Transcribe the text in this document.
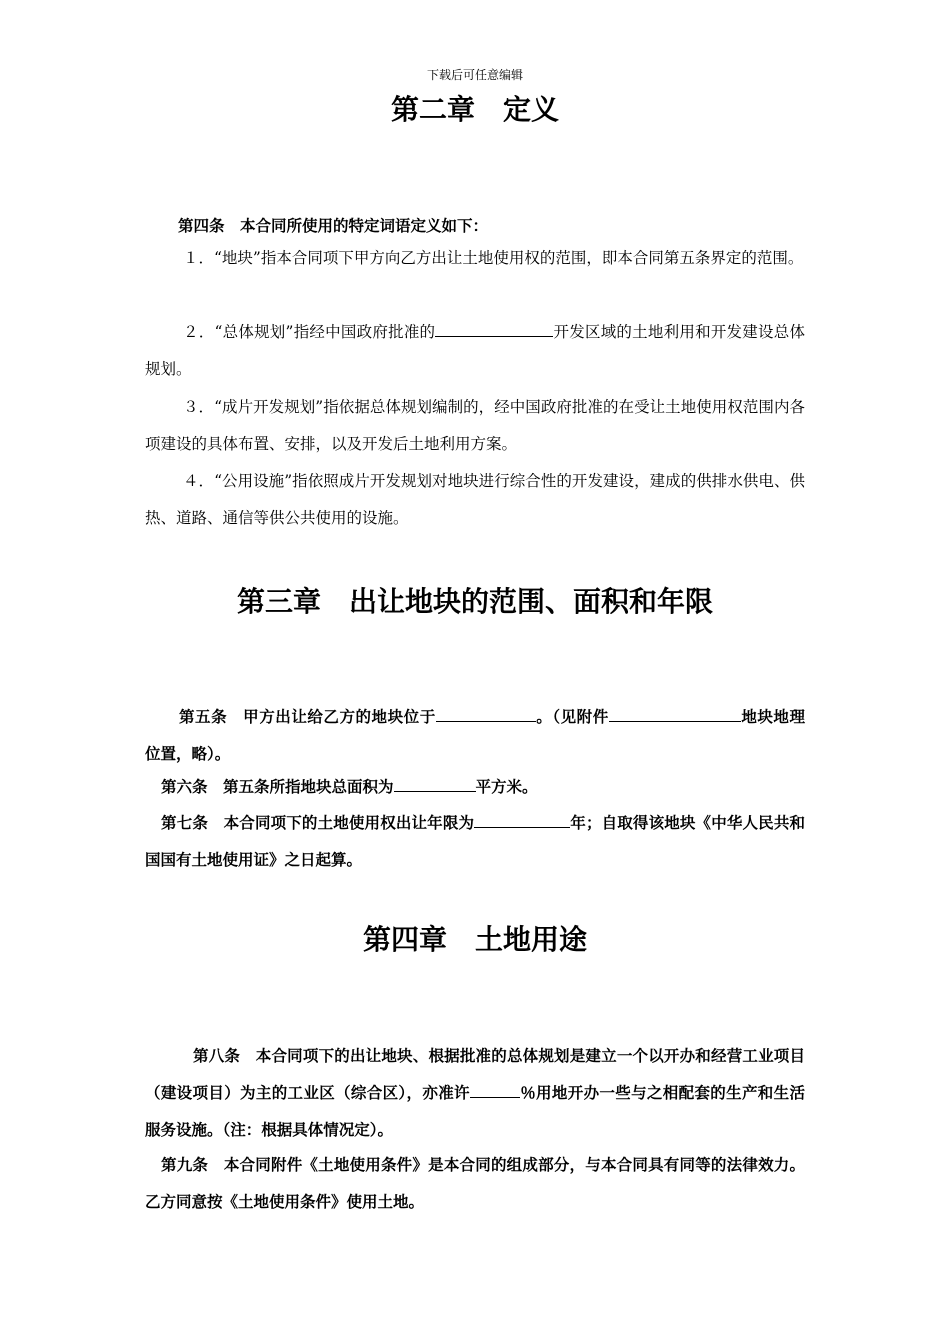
下载后可任意编辑
第二章　定义
第四条　本合同所使用的特定词语定义如下：
１．“地块”指本合同项下甲方向乙方出让土地使用权的范围，即本合同第五条界定的范围。
２．“总体规划”指经中国政府批准的	开发区域的土地利用和开发建设总体规划。
３．“成片开发规划”指依据总体规划编制的，经中国政府批准的在受让土地使用权范围内各项建设的具体布置、安排，以及开发后土地利用方案。
４．“公用设施”指依照成片开发规划对地块进行综合性的开发建设，建成的供排水供电、供热、道路、通信等供公共使用的设施。
第三章　出让地块的范围、面积和年限
第五条　甲方出让给乙方的地块位于	。（见附件	地块地理位置，略）。
第六条　第五条所指地块总面积为	平方米。
第七条　本合同项下的土地使用权出让年限为	年；自取得该地块《中华人民共和国国有土地使用证》之日起算。
第四章　土地用途
第八条　本合同项下的出让地块、根据批准的总体规划是建立一个以开办和经营工业项目（建设项目）为主的工业区（综合区），亦准许	％用地开办一些与之相配套的生产和生活服务设施。（注：根据具体情况定）。
第九条　本合同附件《土地使用条件》是本合同的组成部分，与本合同具有同等的法律效力。乙方同意按《土地使用条件》使用土地。
